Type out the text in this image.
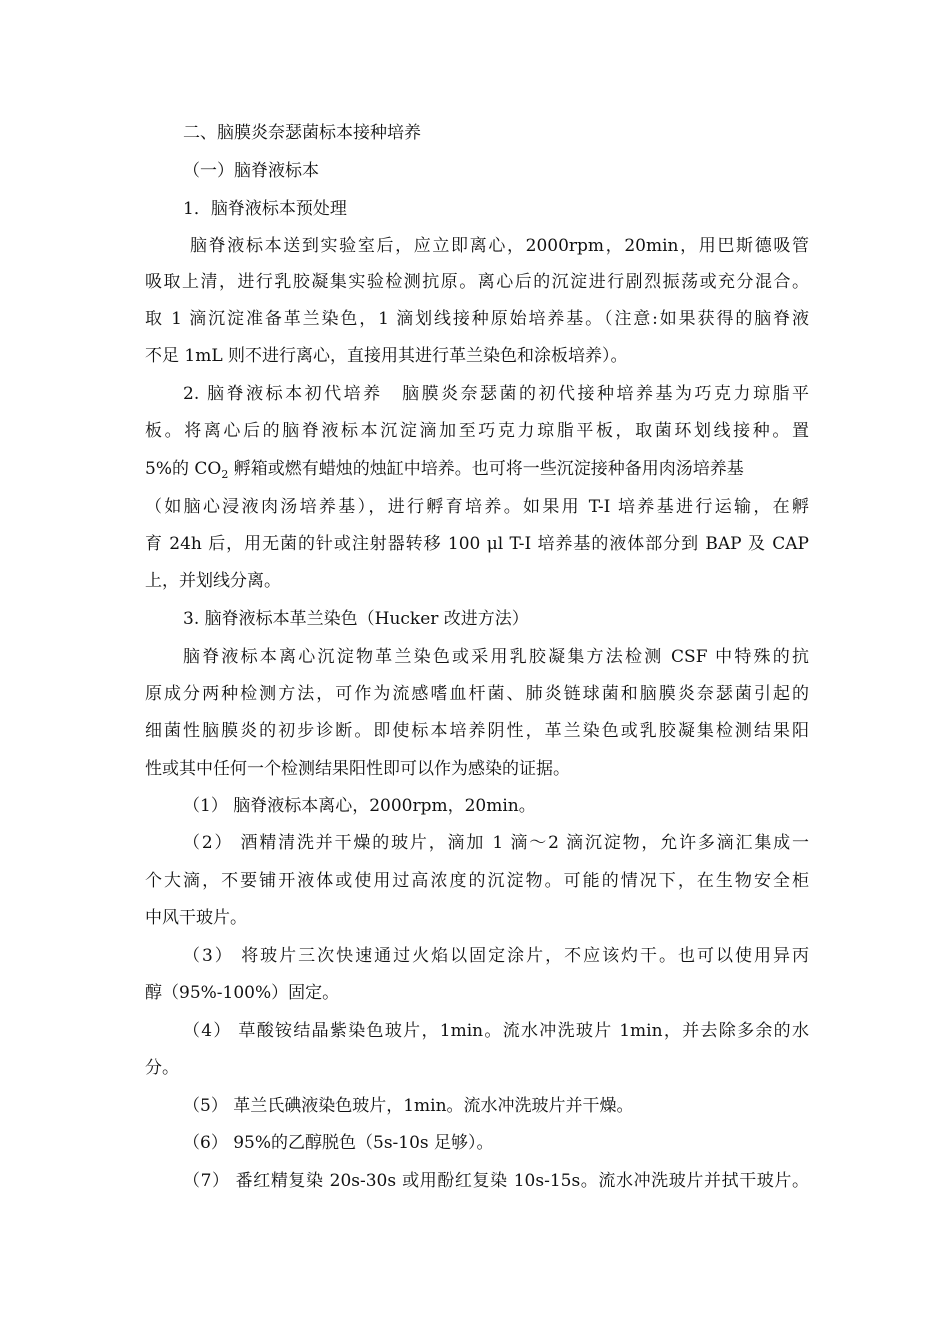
二、脑膜炎奈瑟菌标本接种培养
（一）脑脊液标本
1．脑脊液标本预处理
脑脊液标本送到实验室后，应立即离心，2000rpm，20min，用巴斯德吸管
吸取上清，进行乳胶凝集实验检测抗原。离心后的沉淀进行剧烈振荡或充分混合。
取 1 滴沉淀准备革兰染色，1 滴划线接种原始培养基。（注意:如果获得的脑脊液
不足 1mL 则不进行离心，直接用其进行革兰染色和涂板培养）。
2. 脑脊液标本初代培养　脑膜炎奈瑟菌的初代接种培养基为巧克力琼脂平
板。将离心后的脑脊液标本沉淀滴加至巧克力琼脂平板，取菌环划线接种。置
5%的 $CO_2$ 孵箱或燃有蜡烛的烛缸中培养。也可将一些沉淀接种备用肉汤培养基
（如脑心浸液肉汤培养基），进行孵育培养。如果用 T-I 培养基进行运输，在孵
育 24h 后，用无菌的针或注射器转移 100 μl T-I 培养基的液体部分到 BAP 及 CAP
上，并划线分离。
3. 脑脊液标本革兰染色（Hucker 改进方法）
脑脊液标本离心沉淀物革兰染色或采用乳胶凝集方法检测 CSF 中特殊的抗
原成分两种检测方法，可作为流感嗜血杆菌、肺炎链球菌和脑膜炎奈瑟菌引起的
细菌性脑膜炎的初步诊断。即使标本培养阴性，革兰染色或乳胶凝集检测结果阳
性或其中任何一个检测结果阳性即可以作为感染的证据。
（1） 脑脊液标本离心，2000rpm，20min。
（2） 酒精清洗并干燥的玻片，滴加 1 滴～2 滴沉淀物，允许多滴汇集成一
个大滴，不要铺开液体或使用过高浓度的沉淀物。可能的情况下，在生物安全柜
中风干玻片。
（3） 将玻片三次快速通过火焰以固定涂片，不应该灼干。也可以使用异丙
醇（95%-100%）固定。
（4） 草酸铵结晶紫染色玻片，1min。流水冲洗玻片 1min，并去除多余的水
分。
（5） 革兰氏碘液染色玻片，1min。流水冲洗玻片并干燥。
（6） 95%的乙醇脱色（5s-10s 足够）。
（7） 番红精复染 20s-30s 或用酚红复染 10s-15s。流水冲洗玻片并拭干玻片。
